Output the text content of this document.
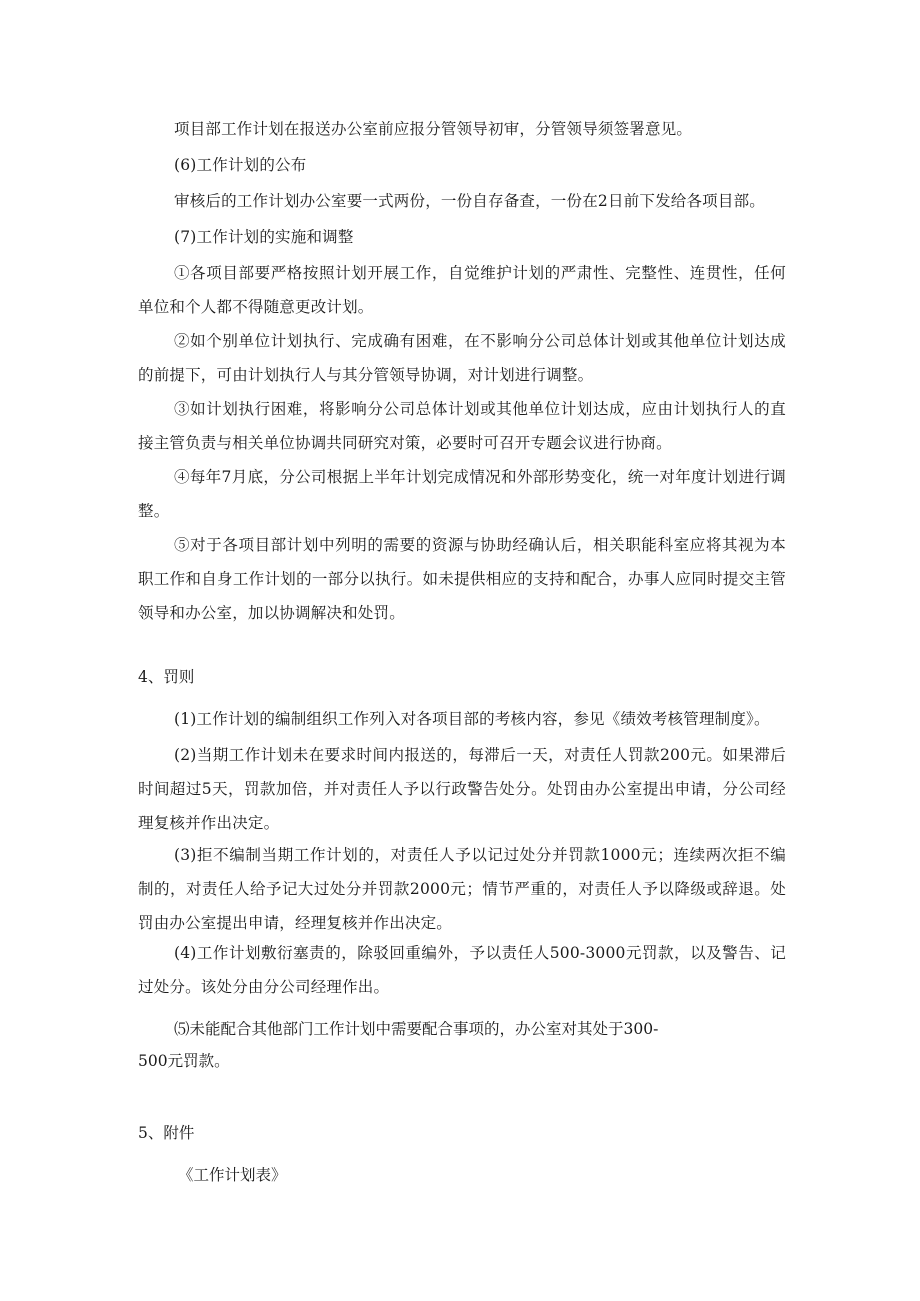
项目部工作计划在报送办公室前应报分管领导初审，分管领导须签署意见。

(6)工作计划的公布

审核后的工作计划办公室要一式两份，一份自存备查，一份在2日前下发给各项目部。

(7)工作计划的实施和调整

①各项目部要严格按照计划开展工作，自觉维护计划的严肃性、完整性、连贯性，任何单位和个人都不得随意更改计划。

②如个别单位计划执行、完成确有困难，在不影响分公司总体计划或其他单位计划达成的前提下，可由计划执行人与其分管领导协调，对计划进行调整。

③如计划执行困难，将影响分公司总体计划或其他单位计划达成，应由计划执行人的直接主管负责与相关单位协调共同研究对策，必要时可召开专题会议进行协商。

④每年7月底，分公司根据上半年计划完成情况和外部形势变化，统一对年度计划进行调整。

⑤对于各项目部计划中列明的需要的资源与协助经确认后，相关职能科室应将其视为本职工作和自身工作计划的一部分以执行。如未提供相应的支持和配合，办事人应同时提交主管领导和办公室，加以协调解决和处罚。

4、罚则

(1)工作计划的编制组织工作列入对各项目部的考核内容，参见《绩效考核管理制度》。

(2)当期工作计划未在要求时间内报送的，每滞后一天，对责任人罚款200元。如果滞后时间超过5天，罚款加倍，并对责任人予以行政警告处分。处罚由办公室提出申请，分公司经理复核并作出决定。

(3)拒不编制当期工作计划的，对责任人予以记过处分并罚款1000元；连续两次拒不编制的，对责任人给予记大过处分并罚款2000元；情节严重的，对责任人予以降级或辞退。处罚由办公室提出申请，经理复核并作出决定。

(4)工作计划敷衍塞责的，除驳回重编外，予以责任人500-3000元罚款，以及警告、记过处分。该处分由分公司经理作出。

⑸未能配合其他部门工作计划中需要配合事项的，办公室对其处于300-

500元罚款。

5、附件

《工作计划表》
